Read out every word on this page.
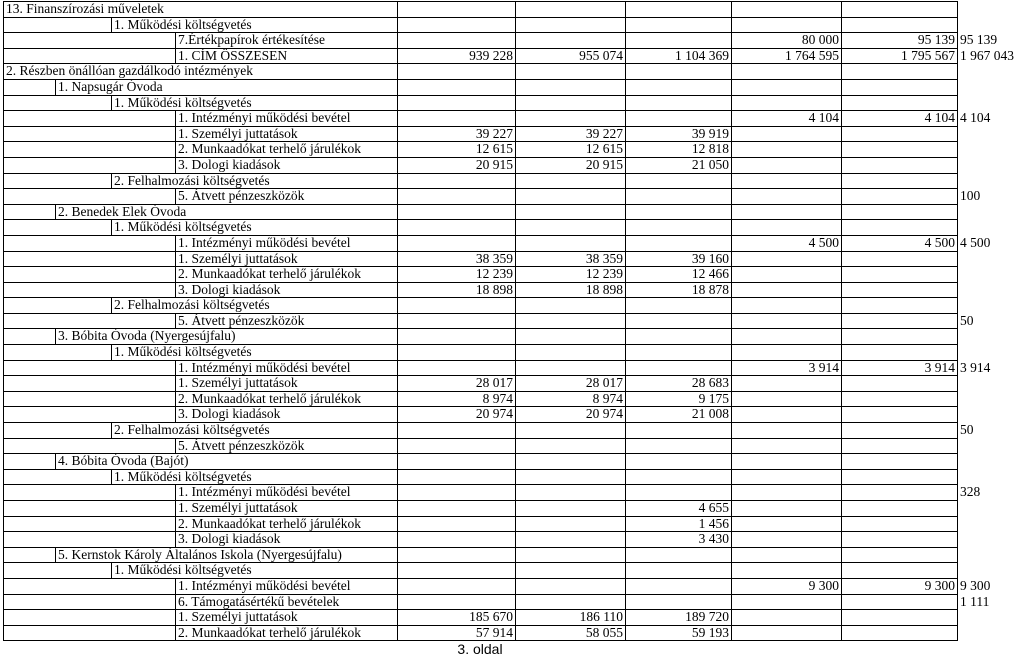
13. Finanszírozási műveletek									
		1. Működési költségvetés							
			7.Értékpapírok értékesítése				80 000	95 139	95 139
			1. CÍM ÖSSZESEN	939 228	955 074	1 104 369	1 764 595	1 795 567	1 967 043
2. Részben önállóan gazdálkodó intézmények									
	1. Napsugár Óvoda								
		1. Működési költségvetés							
			1. Intézményi működési bevétel				4 104	4 104	4 104
			1. Személyi juttatások	39 227	39 227	39 919			
			2. Munkaadókat terhelő járulékok	12 615	12 615	12 818			
			3. Dologi kiadások	20 915	20 915	21 050			
		2. Felhalmozási költségvetés							
			5. Átvett pénzeszközök						100
	2. Benedek Elek Óvoda								
		1. Működési költségvetés							
			1. Intézményi működési bevétel				4 500	4 500	4 500
			1. Személyi juttatások	38 359	38 359	39 160			
			2. Munkaadókat terhelő járulékok	12 239	12 239	12 466			
			3. Dologi kiadások	18 898	18 898	18 878			
		2. Felhalmozási költségvetés							
			5. Átvett pénzeszközök						50
	3. Bóbita Óvoda (Nyergesújfalu)								
		1. Működési költségvetés							
			1. Intézményi működési bevétel				3 914	3 914	3 914
			1. Személyi juttatások	28 017	28 017	28 683			
			2. Munkaadókat terhelő járulékok	8 974	8 974	9 175			
			3. Dologi kiadások	20 974	20 974	21 008			
		2. Felhalmozási költségvetés							50
			5. Átvett pénzeszközök						
	4. Bóbita Óvoda (Bajót)								
		1. Működési költségvetés							
			1. Intézményi működési bevétel						328
			1. Személyi juttatások			4 655			
			2. Munkaadókat terhelő járulékok			1 456			
			3. Dologi kiadások			3 430			
	5. Kernstok Károly Általános Iskola (Nyergesújfalu)								
		1. Működési költségvetés							
			1. Intézményi működési bevétel				9 300	9 300	9 300
			6. Támogatásértékű bevételek						1 111
			1. Személyi juttatások	185 670	186 110	189 720			
			2. Munkaadókat terhelő járulékok	57 914	58 055	59 193			
3. oldal
